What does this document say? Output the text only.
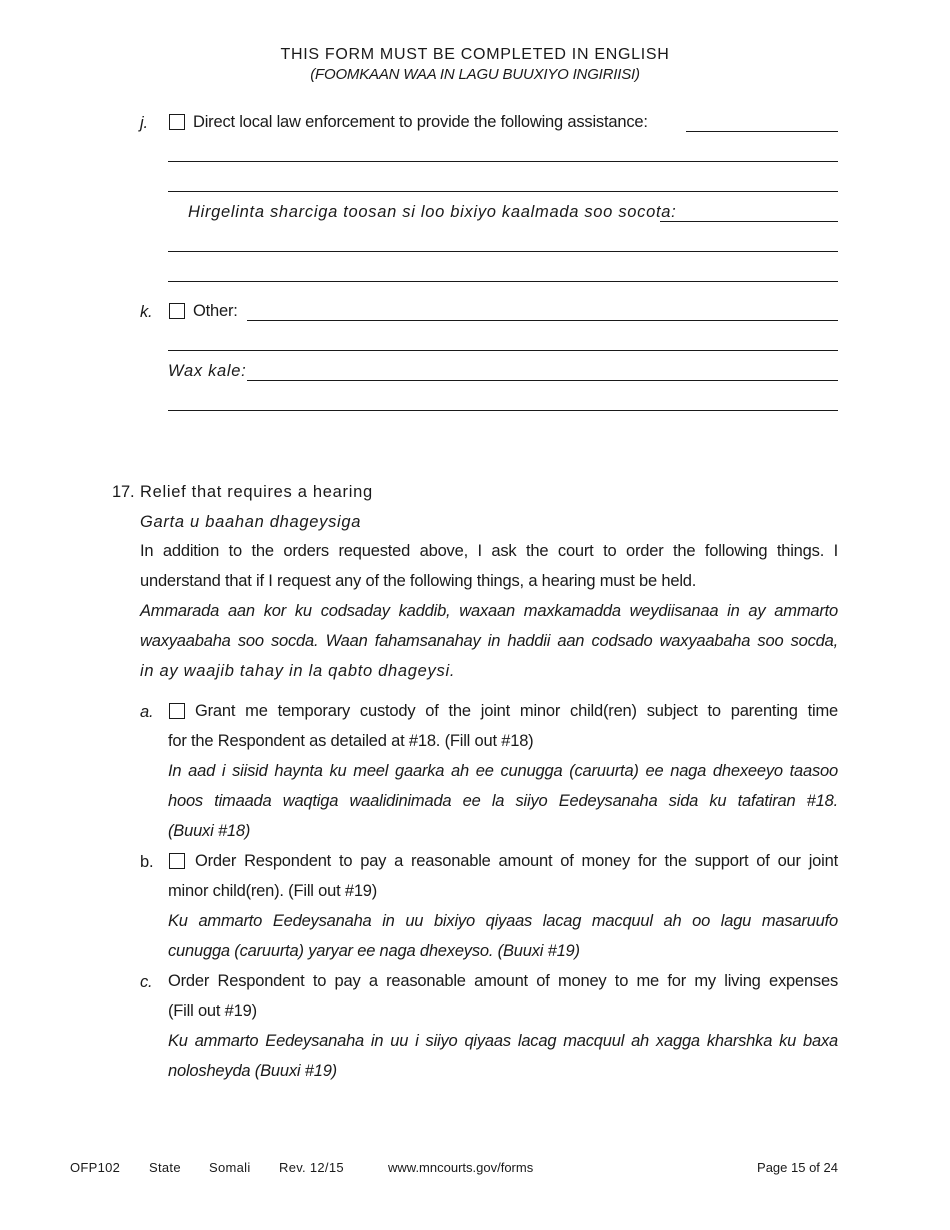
THIS FORM MUST BE COMPLETED IN ENGLISH
(FOOMKAAN WAA IN LAGU BUUXIYO INGIRIISI)
j.	Direct local law enforcement to provide the following assistance:
Hirgelinta sharciga toosan si loo bixiyo kaalmada soo socota:
k. Other:
Wax kale:
17. Relief that requires a hearing
Garta u baahan dhageysiga
In addition to the orders requested above, I ask the court to order the following things. I
understand that if I request any of the following things, a hearing must be held.
Ammarada aan kor ku codsaday kaddib, waxaan maxkamadda weydiisanaa in ay ammarto
waxyaabaha soo socda. Waan fahamsanahay in haddii aan codsado waxyaabaha soo socda,
in ay waajib tahay in la qabto dhageysi.
a.	Grant me temporary custody of the joint minor child(ren) subject to parenting time
for the Respondent as detailed at #18. (Fill out #18)
In aad i siisid haynta ku meel gaarka ah ee cunugga (caruurta) ee naga dhexeeyo taasoo
hoos timaada waqtiga waalidinimada ee la siiyo Eedeysanaha sida ku tafatiran #18.
(Buuxi #18)
b.	Order Respondent to pay a reasonable amount of money for the support of our joint
minor child(ren). (Fill out #19)
Ku ammarto Eedeysanaha in uu bixiyo qiyaas lacag macquul ah oo lagu masaruufo
cunugga (caruurta) yaryar ee naga dhexeyso. (Buuxi #19)
c. Order Respondent to pay a reasonable amount of money to me for my living expenses
(Fill out #19)
Ku ammarto Eedeysanaha in uu i siiyo qiyaas lacag macquul ah xagga kharshka ku baxa
nolosheyda (Buuxi #19)
OFP102 State Somali Rev. 12/15	www.mncourts.gov/forms	Page 15 of 24
